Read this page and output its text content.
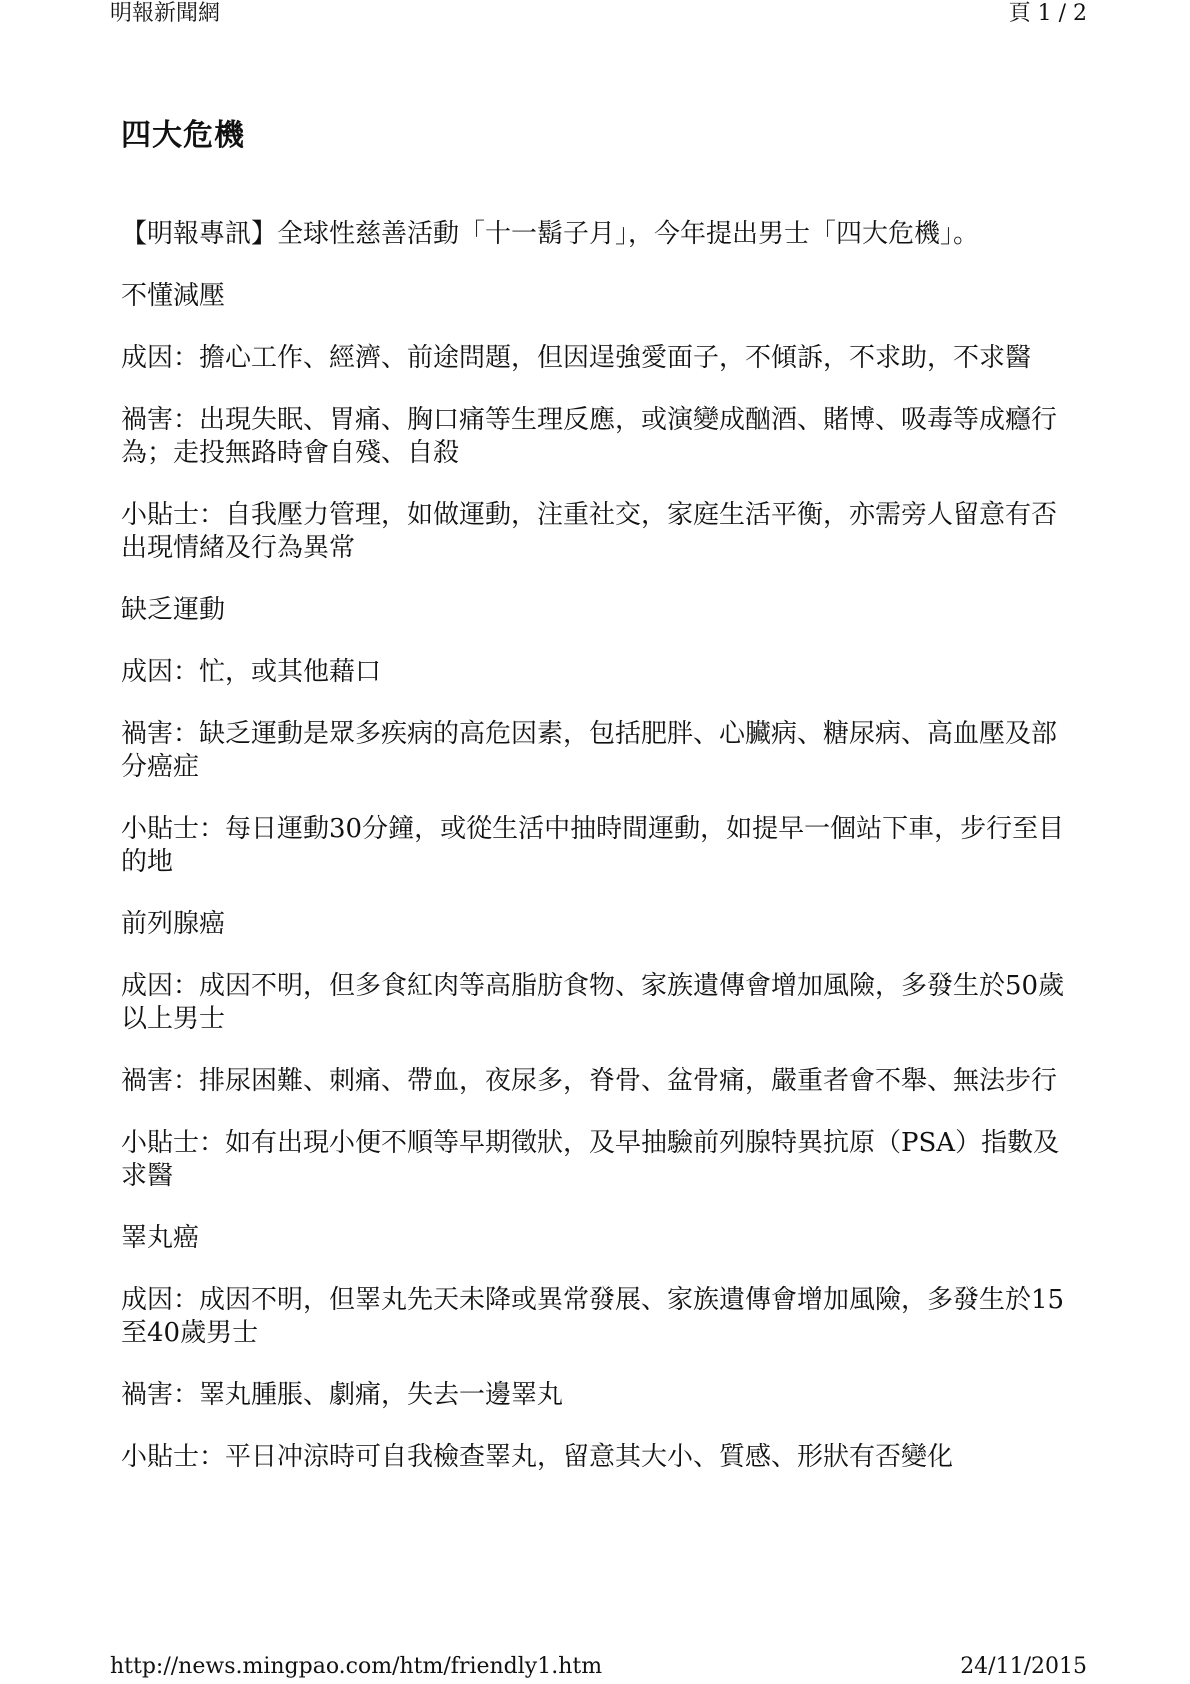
明報新聞網	頁 1 / 2
四大危機

【明報專訊】全球性慈善活動「十一鬍子月」，今年提出男士「四大危機」。

不懂減壓

成因：擔心工作、經濟、前途問題，但因逞強愛面子，不傾訴，不求助，不求醫

禍害：出現失眠、胃痛、胸口痛等生理反應，或演變成酗酒、賭博、吸毒等成癮行為；走投無路時會自殘、自殺

小貼士：自我壓力管理，如做運動，注重社交，家庭生活平衡，亦需旁人留意有否出現情緒及行為異常

缺乏運動

成因：忙，或其他藉口

禍害：缺乏運動是眾多疾病的高危因素，包括肥胖、心臟病、糖尿病、高血壓及部分癌症

小貼士：每日運動30分鐘，或從生活中抽時間運動，如提早一個站下車，步行至目的地

前列腺癌

成因：成因不明，但多食紅肉等高脂肪食物、家族遺傳會增加風險，多發生於50歲以上男士

禍害：排尿困難、刺痛、帶血，夜尿多，脊骨、盆骨痛，嚴重者會不舉、無法步行

小貼士：如有出現小便不順等早期徵狀，及早抽驗前列腺特異抗原（PSA）指數及求醫

睪丸癌

成因：成因不明，但睪丸先天未降或異常發展、家族遺傳會增加風險，多發生於15至40歲男士

禍害：睪丸腫脹、劇痛，失去一邊睪丸

小貼士：平日冲涼時可自我檢查睪丸，留意其大小、質感、形狀有否變化

http://news.mingpao.com/htm/friendly1.htm	24/11/2015
